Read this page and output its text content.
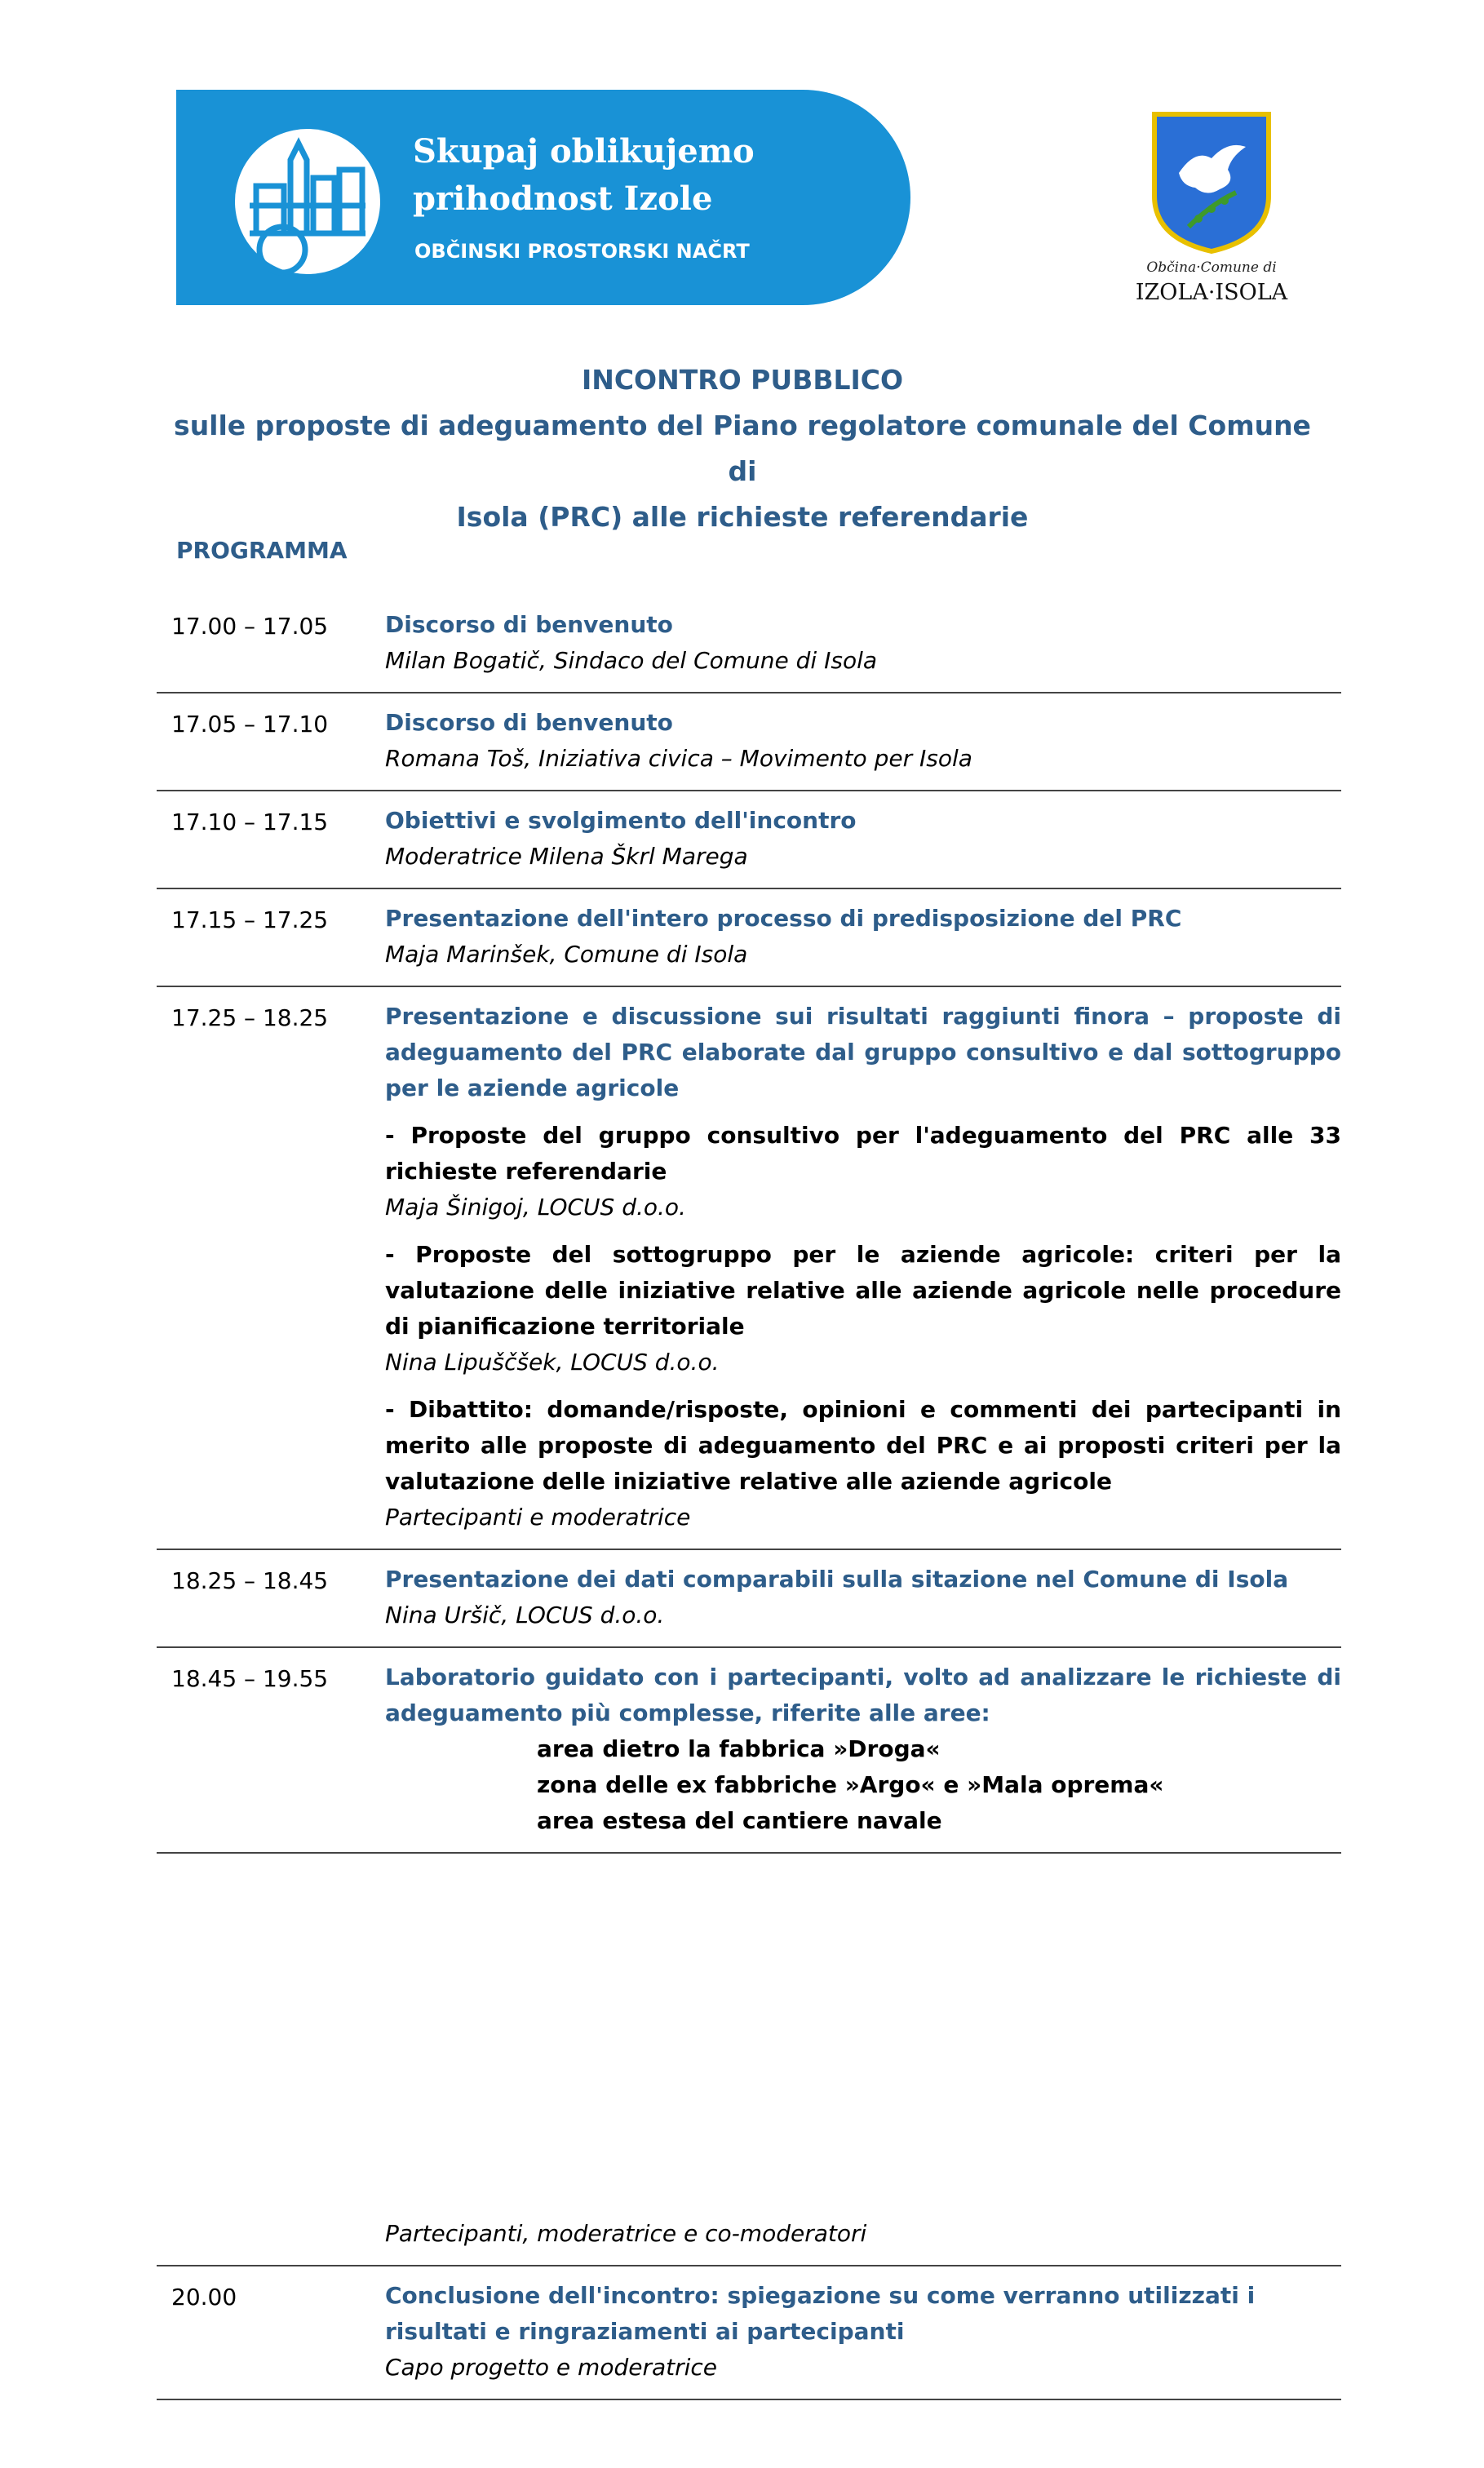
Skupaj oblikujemo
prihodnost Izole
OBČINSKI PROSTORSKI NAČRT
Občina·Comune di
IZOLA·ISOLA
INCONTRO PUBBLICO
sulle proposte di adeguamento del Piano regolatore comunale del Comune di
Isola (PRC) alle richieste referendarie
PROGRAMMA
17.00 – 17.05	Discorso di benvenuto
Milan Bogatič, Sindaco del Comune di Isola
17.05 – 17.10	Discorso di benvenuto
Romana Toš, Iniziativa civica – Movimento per Isola
17.10 – 17.15	Obiettivi e svolgimento dell'incontro
Moderatrice Milena Škrl Marega
17.15 – 17.25	Presentazione dell'intero processo di predisposizione del PRC
Maja Marinšek, Comune di Isola
17.25 – 18.25	Presentazione e discussione sui risultati raggiunti finora – proposte di adeguamento del PRC elaborate dal gruppo consultivo e dal sottogruppo per le aziende agricole
- Proposte del gruppo consultivo per l'adeguamento del PRC alle 33 richieste referendarie
Maja Šinigoj, LOCUS d.o.o.
- Proposte del sottogruppo per le aziende agricole: criteri per la valutazione delle iniziative relative alle aziende agricole nelle procedure di pianificazione territoriale
Nina Lipuščšek, LOCUS d.o.o.
- Dibattito: domande/risposte, opinioni e commenti dei partecipanti in merito alle proposte di adeguamento del PRC e ai proposti criteri per la valutazione delle iniziative relative alle aziende agricole
Partecipanti e moderatrice
18.25 – 18.45	Presentazione dei dati comparabili sulla sitazione nel Comune di Isola
Nina Uršič, LOCUS d.o.o.
18.45 – 19.55	Laboratorio guidato con i partecipanti, volto ad analizzare le richieste di adeguamento più complesse, riferite alle aree:
area dietro la fabbrica »Droga«
zona delle ex fabbriche »Argo« e »Mala oprema«
area estesa del cantiere navale
Partecipanti, moderatrice e co-moderatori
20.00	Conclusione dell'incontro: spiegazione su come verranno utilizzati i risultati e ringraziamenti ai partecipanti
Capo progetto e moderatrice
